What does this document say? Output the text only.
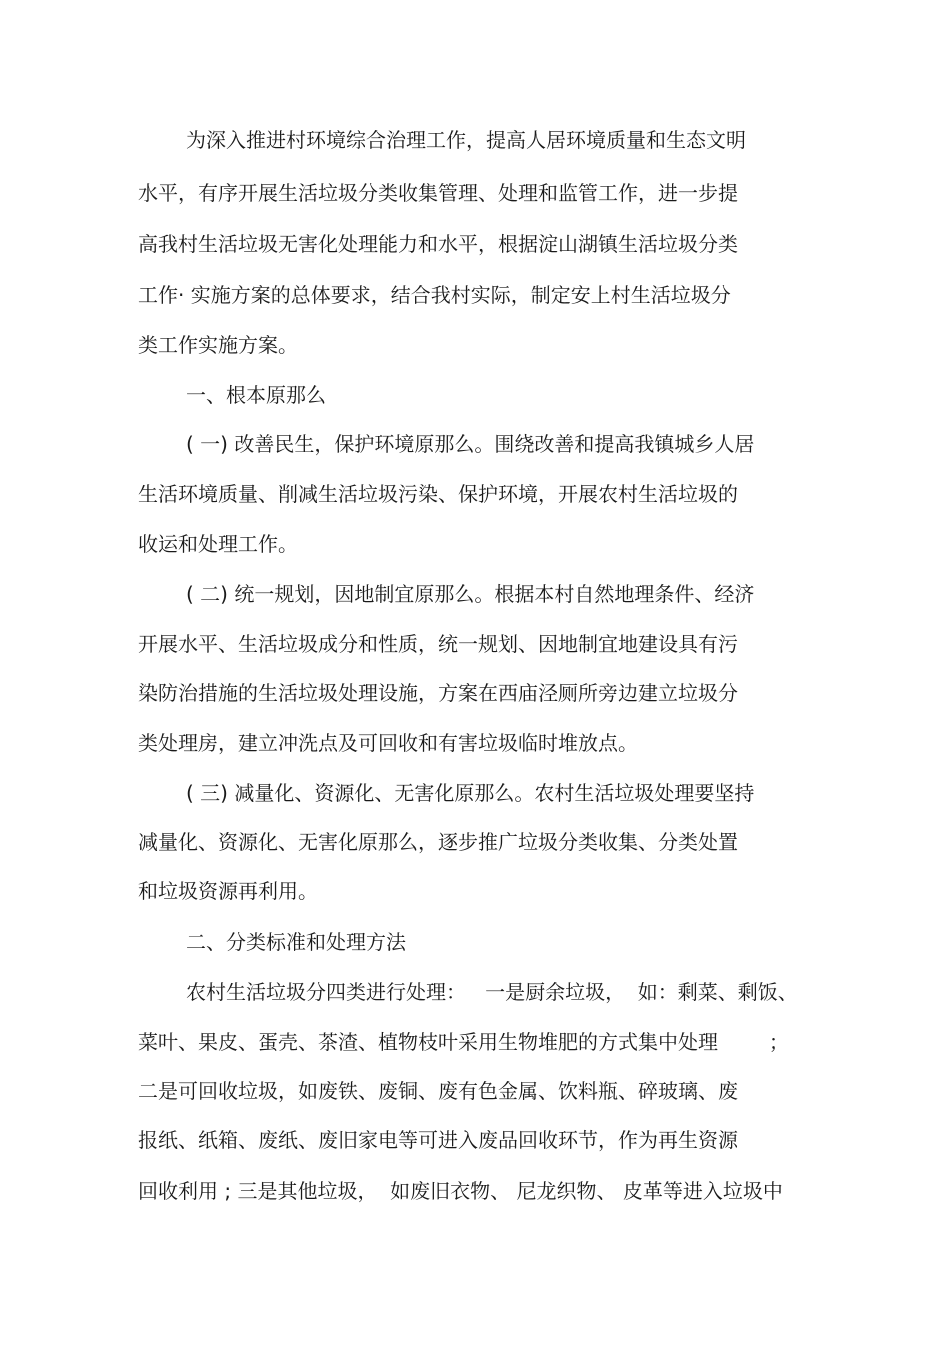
为深入推进村环境综合治理工作，提高人居环境质量和生态文明

水平，有序开展生活垃圾分类收集管理、处理和监管工作，进一步提

高我村生活垃圾无害化处理能力和水平，根据淀山湖镇生活垃圾分类

工作· 实施方案的总体要求，结合我村实际，制定安上村生活垃圾分

类工作实施方案。

一、根本原那么

( 一) 改善民生，保护环境原那么。围绕改善和提高我镇城乡人居

生活环境质量、削减生活垃圾污染、保护环境，开展农村生活垃圾的

收运和处理工作。

( 二) 统一规划，因地制宜原那么。根据本村自然地理条件、经济

开展水平、生活垃圾成分和性质，统一规划、因地制宜地建设具有污

染防治措施的生活垃圾处理设施，方案在西庙泾厕所旁边建立垃圾分

类处理房，建立冲洗点及可回收和有害垃圾临时堆放点。

( 三) 减量化、资源化、无害化原那么。农村生活垃圾处理要坚持

减量化、资源化、无害化原那么，逐步推广垃圾分类收集、分类处置

和垃圾资源再利用。

二、分类标准和处理方法

农村生活垃圾分四类进行处理：   一是厨余垃圾，  如：剩菜、剩饭、

菜叶、果皮、蛋壳、茶渣、植物枝叶采用生物堆肥的方式集中处理        ；

二是可回收垃圾，如废铁、废铜、废有色金属、饮料瓶、碎玻璃、废

报纸、纸箱、废纸、废旧家电等可进入废品回收环节，作为再生资源

回收利用 ; 三是其他垃圾，  如废旧衣物、 尼龙织物、 皮革等进入垃圾中
